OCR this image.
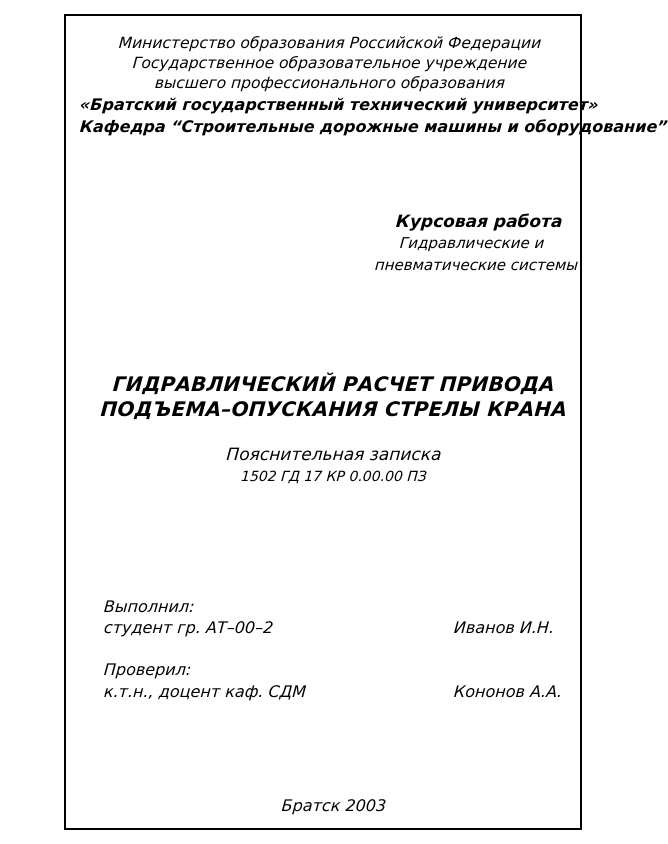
Министерство образования Российской Федерации
Государственное образовательное учреждение
высшего профессионального образования
«Братский государственный технический университет»
Кафедра “Строительные дорожные машины и оборудование”
Курсовая работа
Гидравлические и
пневматические системы
ГИДРАВЛИЧЕСКИЙ РАСЧЕТ ПРИВОДА
ПОДЪЕМА–ОПУСКАНИЯ СТРЕЛЫ КРАНА
Пояснительная записка
1502 ГД 17 КР 0.00.00 ПЗ
Выполнил:
студент гр. АТ–00–2	Иванов И.Н.
Проверил:
к.т.н., доцент каф. СДМ	Кононов А.А.
Братск 2003
